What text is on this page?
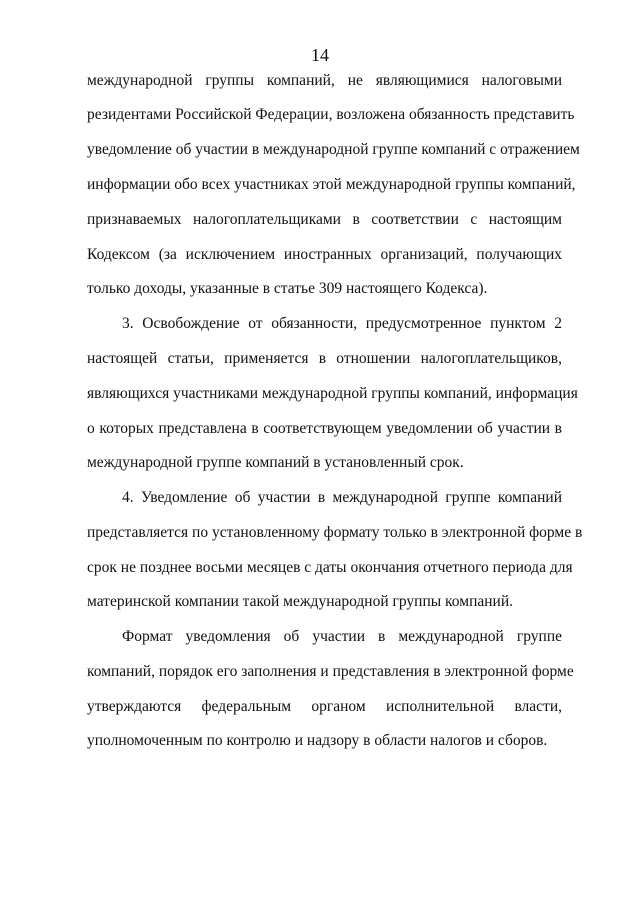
14
международной группы компаний, не являющимися налоговыми
резидентами Российской Федерации, возложена обязанность представить
уведомление об участии в международной группе компаний с отражением
информации обо всех участниках этой международной группы компаний,
признаваемых налогоплательщиками в соответствии с настоящим
Кодексом (за исключением иностранных организаций, получающих
только доходы, указанные в статье 309 настоящего Кодекса).
3. Освобождение от обязанности, предусмотренное пунктом 2
настоящей статьи, применяется в отношении налогоплательщиков,
являющихся участниками международной группы компаний, информация
о которых представлена в соответствующем уведомлении об участии в
международной группе компаний в установленный срок.
4. Уведомление об участии в международной группе компаний
представляется по установленному формату только в электронной форме в
срок не позднее восьми месяцев с даты окончания отчетного периода для
материнской компании такой международной группы компаний.
Формат уведомления об участии в международной группе
компаний, порядок его заполнения и представления в электронной форме
утверждаются федеральным органом исполнительной власти,
уполномоченным по контролю и надзору в области налогов и сборов.
